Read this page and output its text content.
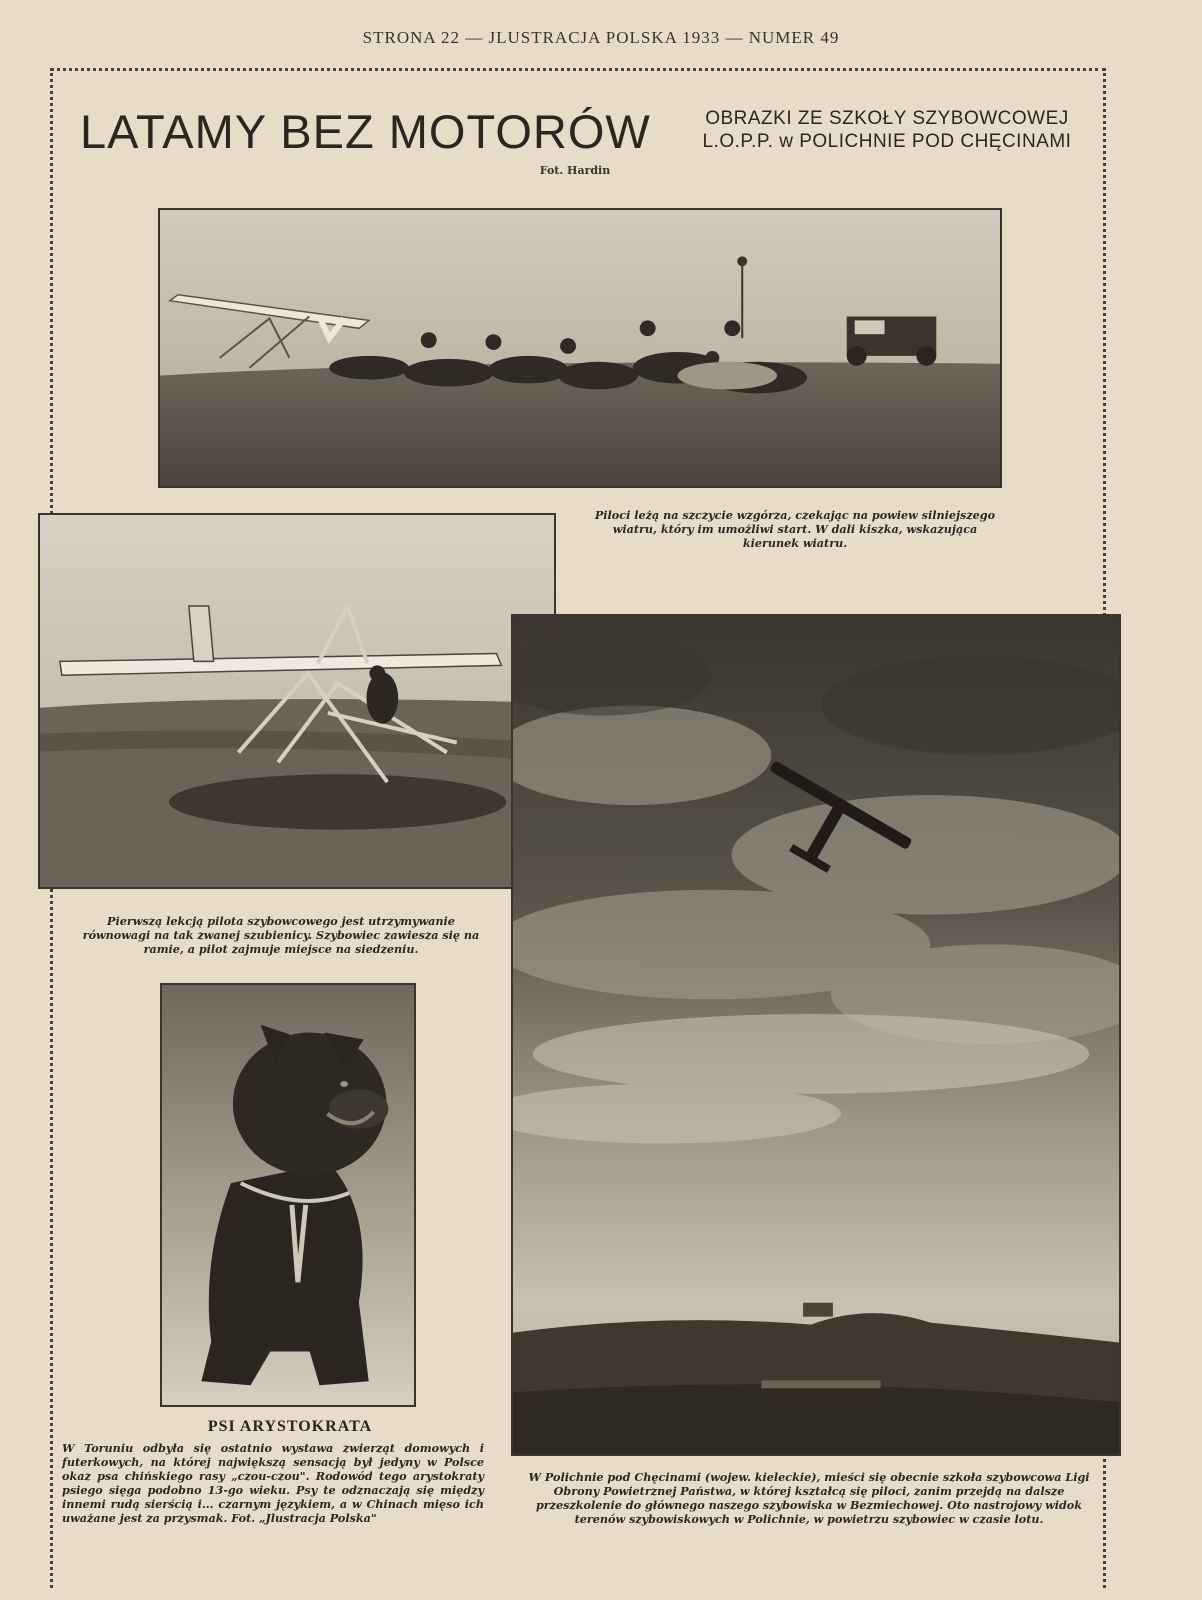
STRONA 22 — JLUSTRACJA POLSKA 1933 — NUMER 49
LATAMY BEZ MOTORÓW	OBRAZKI ZE SZKOŁY SZYBOWCOWEJ
L.O.P.P. w POLICHNIE POD CHĘCINAMI
Fot. Hardin
Piloci leżą na szczycie wzgórza, czekając na powiew silniejszego wiatru, który im umożliwi start. W dali kiszka, wskazująca kierunek wiatru.
Pierwszą lekcją pilota szybowcowego jest utrzymywanie równowagi na tak zwanej szubienicy. Szybowiec zawiesza się na ramie, a pilot zajmuje miejsce na siedzeniu.
PSI ARYSTOKRATA
W Toruniu odbyła się ostatnio wystawa zwierząt domowych i futerkowych, na której największą sensacją był jedyny w Polsce okaz psa chińskiego rasy „czou-czou". Rodowód tego arystokraty psiego sięga podobno 13-go wieku. Psy te odznaczają się między innemi rudą sierścią i... czarnym językiem, a w Chinach mięso ich uważane jest za przysmak. Fot. „Jlustracja Polska"
W Polichnie pod Chęcinami (wojew. kieleckie), mieści się obecnie szkoła szybowcowa Ligi Obrony Powietrznej Państwa, w której kształcą się piloci, zanim przejdą na dalsze przeszkolenie do głównego naszego szybowiska w Bezmiechowej. Oto nastrojowy widok terenów szybowiskowych w Polichnie, w powietrzu szybowiec w czasie lotu.
